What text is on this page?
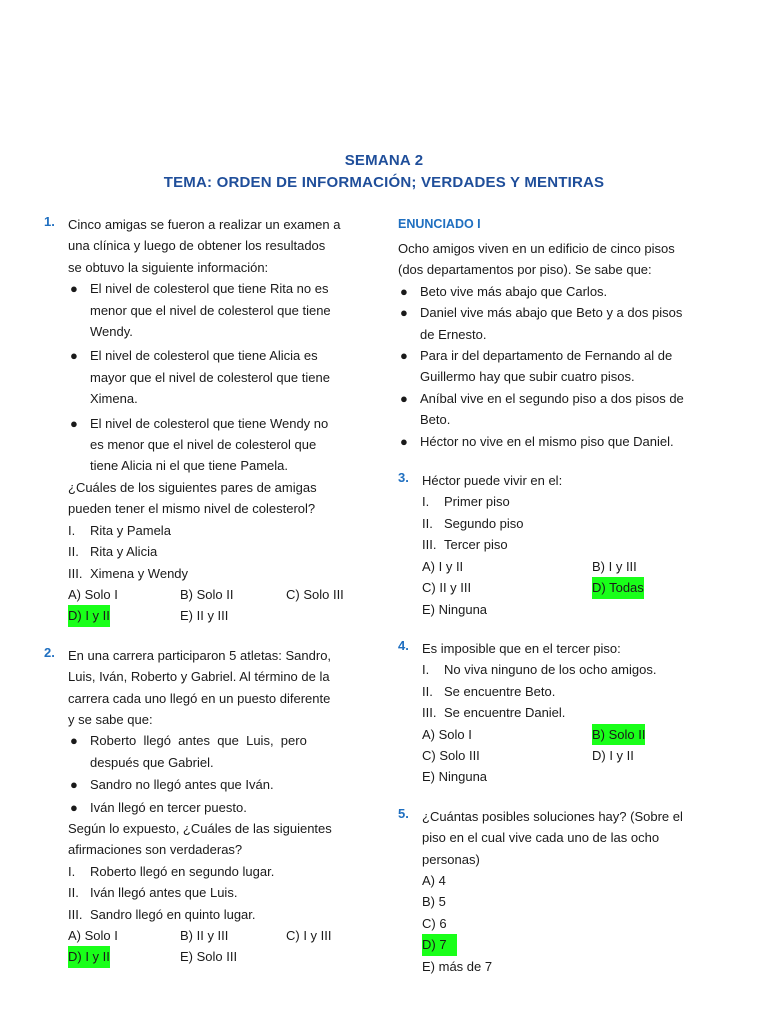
SEMANA 2
TEMA: ORDEN DE INFORMACIÓN; VERDADES Y MENTIRAS
1. Cinco amigas se fueron a realizar un examen a

una clínica y luego de obtener los resultados

se obtuvo la siguiente información:

● El nivel de colesterol que tiene Rita no es
menor que el nivel de colesterol que tiene
Wendy.
● El nivel de colesterol que tiene Alicia es
mayor que el nivel de colesterol que tiene
Ximena.
● El nivel de colesterol que tiene Wendy no
es menor que el nivel de colesterol que
tiene Alicia ni el que tiene Pamela.

¿Cuáles de los siguientes pares de amigas

pueden tener el mismo nivel de colesterol?

I. Rita y Pamela
II. Rita y Alicia
III. Ximena y Wendy
A) Solo I	B) Solo II	C) Solo III
D) I y II	E) II y III
2. En una carrera participaron 5 atletas: Sandro,

Luis, Iván, Roberto y Gabriel. Al término de la

carrera cada uno llegó en un puesto diferente

y se sabe que:

● Roberto  llegó  antes  que  Luis,  pero
después que Gabriel.
● Sandro no llegó antes que Iván.
● Iván llegó en tercer puesto.

Según lo expuesto, ¿Cuáles de las siguientes

afirmaciones son verdaderas?

I. Roberto llegó en segundo lugar.
II. Iván llegó antes que Luis.
III. Sandro llegó en quinto lugar.
A) Solo I	B) II y III	C) I y III
D) I y II	E) Solo III
ENUNCIADO I

Ocho amigos viven en un edificio de cinco pisos

(dos departamentos por piso). Se sabe que:

● Beto vive más abajo que Carlos.
● Daniel vive más abajo que Beto y a dos pisos
de Ernesto.
● Para ir del departamento de Fernando al de
Guillermo hay que subir cuatro pisos.
● Aníbal vive en el segundo piso a dos pisos de
Beto.
● Héctor no vive en el mismo piso que Daniel.
3. Héctor puede vivir en el:

I. Primer piso
II. Segundo piso
III. Tercer piso
A) I y II	B) I y III
C) II y III	D) Todas
E) Ninguna
4. Es imposible que en el tercer piso:

I. No viva ninguno de los ocho amigos.
II. Se encuentre Beto.
III. Se encuentre Daniel.
A) Solo I	B) Solo II
C) Solo III	D) I y II
E) Ninguna
5. ¿Cuántas posibles soluciones hay? (Sobre el

piso en el cual vive cada uno de las ocho

personas)

A) 4
B) 5
C) 6
D) 7
E) más de 7
